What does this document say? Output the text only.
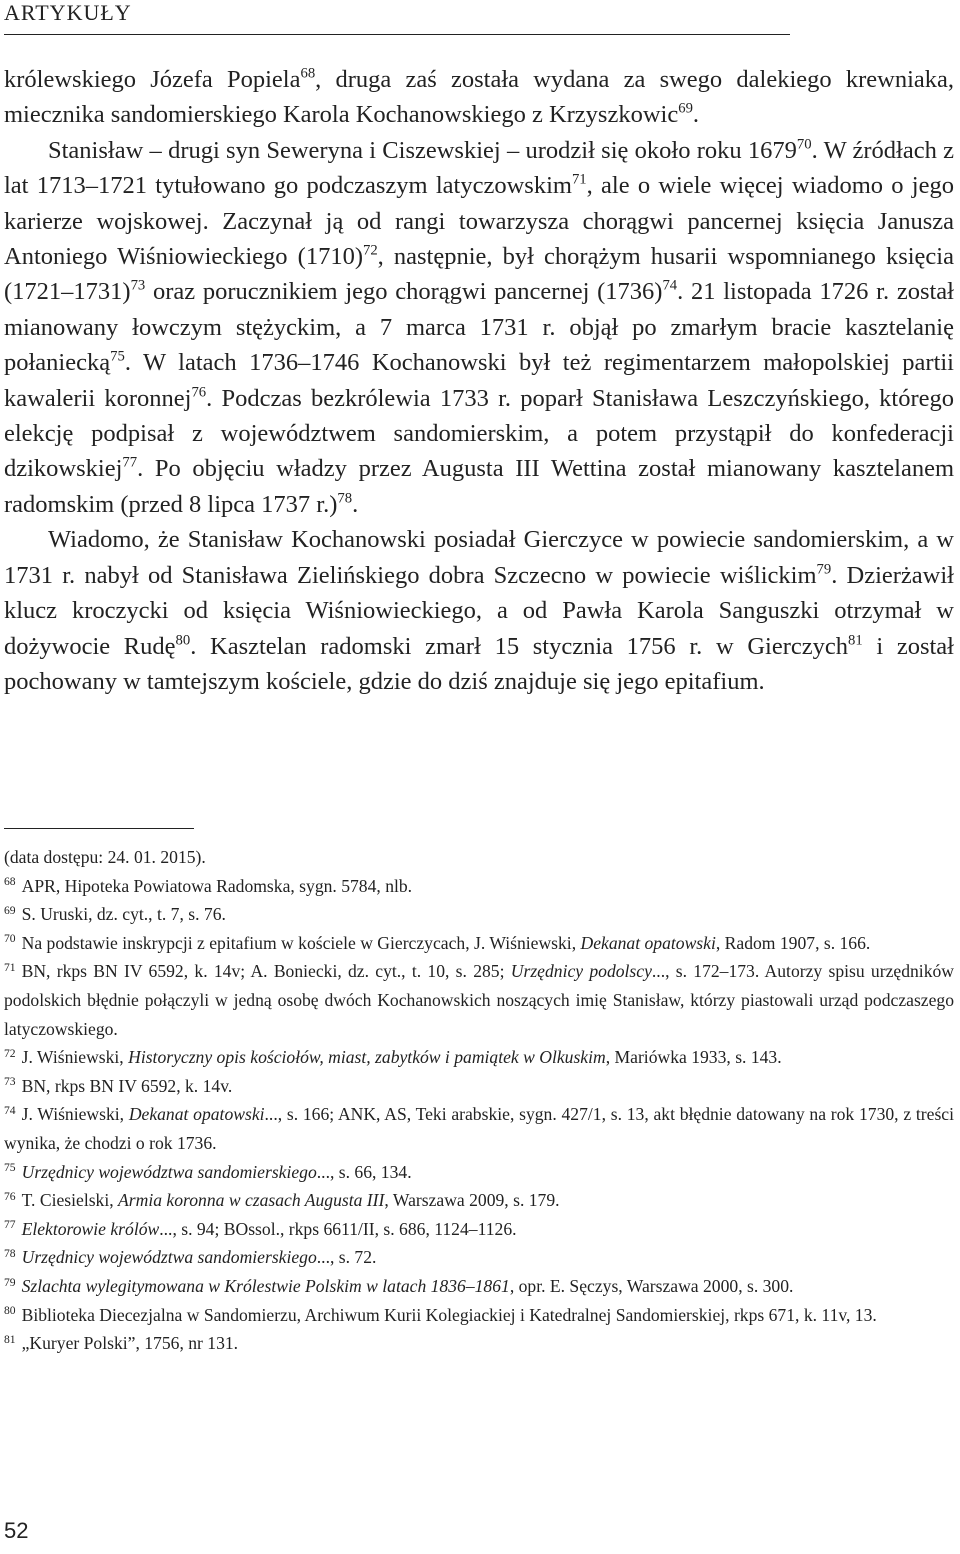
ARTYKUŁY

królewskiego Józefa Popiela$^{68}$, druga zaś została wydana za swego dalekiego krewniaka, miecznika sandomierskiego Karola Kochanowskiego z Krzyszkowic$^{69}$.

Stanisław – drugi syn Seweryna i Ciszewskiej – urodził się około roku 1679$^{70}$. W źródłach z lat 1713–1721 tytułowano go podczaszym latyczowskim$^{71}$, ale o wiele więcej wiadomo o jego karierze wojskowej. Zaczynał ją od rangi towarzysza chorągwi pancernej księcia Janusza Antoniego Wiśniowieckiego $(1710)^{72}$, następnie, był chorążym husarii wspomnianego księcia (1721–1731)$^{73}$ oraz porucznikiem jego chorągwi pancernej $(1736)^{74}$. 21 listopada 1726 r. został mianowany łowczym stężyckim, a 7 marca 1731 r. objął po zmarłym bracie kasztelanię połaniecką$^{75}$. W latach 1736–1746 Kochanowski był też regimentarzem małopolskiej partii kawalerii koronnej$^{76}$. Podczas bezkrólewia 1733 r. poparł Stanisława Leszczyńskiego, którego elekcję podpisał z województwem sandomierskim, a potem przystąpił do konfederacji dzikowskiej$^{77}$. Po objęciu władzy przez Augusta III Wettina został mianowany kasztelanem radomskim (przed 8 lipca 1737 r.)$^{78}$.

Wiadomo, że Stanisław Kochanowski posiadał Gierczyce w powiecie sandomierskim, a w 1731 r. nabył od Stanisława Zielińskiego dobra Szczecno w powiecie wiślickim$^{79}$. Dzierżawił klucz kroczycki od księcia Wiśniowieckiego, a od Pawła Karola Sanguszki otrzymał w dożywocie Rudę$^{80}$. Kasztelan radomski zmarł 15 stycznia 1756 r. w Gierczych$^{81}$ i został pochowany w tamtejszym kościele, gdzie do dziś znajduje się jego epitafium.

(data dostępu: 24. 01. 2015).

$^{68}$ APR, Hipoteka Powiatowa Radomska, sygn. 5784, nlb.

$^{69}$ S. Uruski, dz. cyt., t. 7, s. 76.

$^{70}$ Na podstawie inskrypcji z epitafium w kościele w Gierczycach, J. Wiśniewski, Dekanat opatowski, Radom 1907, s. 166.

$^{71}$ BN, rkps BN IV 6592, k. 14v; A. Boniecki, dz. cyt., t. 10, s. 285; Urzędnicy podolscy..., s. 172–173. Autorzy spisu urzędników podolskich błędnie połączyli w jedną osobę dwóch Kochanowskich noszących imię Stanisław, którzy piastowali urząd podczaszego latyczowskiego.

$^{72}$ J. Wiśniewski, Historyczny opis kościołów, miast, zabytków i pamiątek w Olkuskim, Mariówka 1933, s. 143.

$^{73}$ BN, rkps BN IV 6592, k. 14v.

$^{74}$ J. Wiśniewski, Dekanat opatowski..., s. 166; ANK, AS, Teki arabskie, sygn. 427/1, s. 13, akt błędnie datowany na rok 1730, z treści wynika, że chodzi o rok 1736.

$^{75}$ Urzędnicy województwa sandomierskiego..., s. 66, 134.

$^{76}$ T. Ciesielski, Armia koronna w czasach Augusta III, Warszawa 2009, s. 179.

$^{77}$ Elektorowie królów..., s. 94; BOssol., rkps 6611/II, s. 686, 1124–1126.

$^{78}$ Urzędnicy województwa sandomierskiego..., s. 72.

$^{79}$ Szlachta wylegitymowana w Królestwie Polskim w latach 1836–1861, opr. E. Sęczys, Warszawa 2000, s. 300.

$^{80}$ Biblioteka Diecezjalna w Sandomierzu, Archiwum Kurii Kolegiackiej i Katedralnej Sandomierskiej, rkps 671, k. 11v, 13.

$^{81}$ „Kuryer Polski”, 1756, nr 131.

52
